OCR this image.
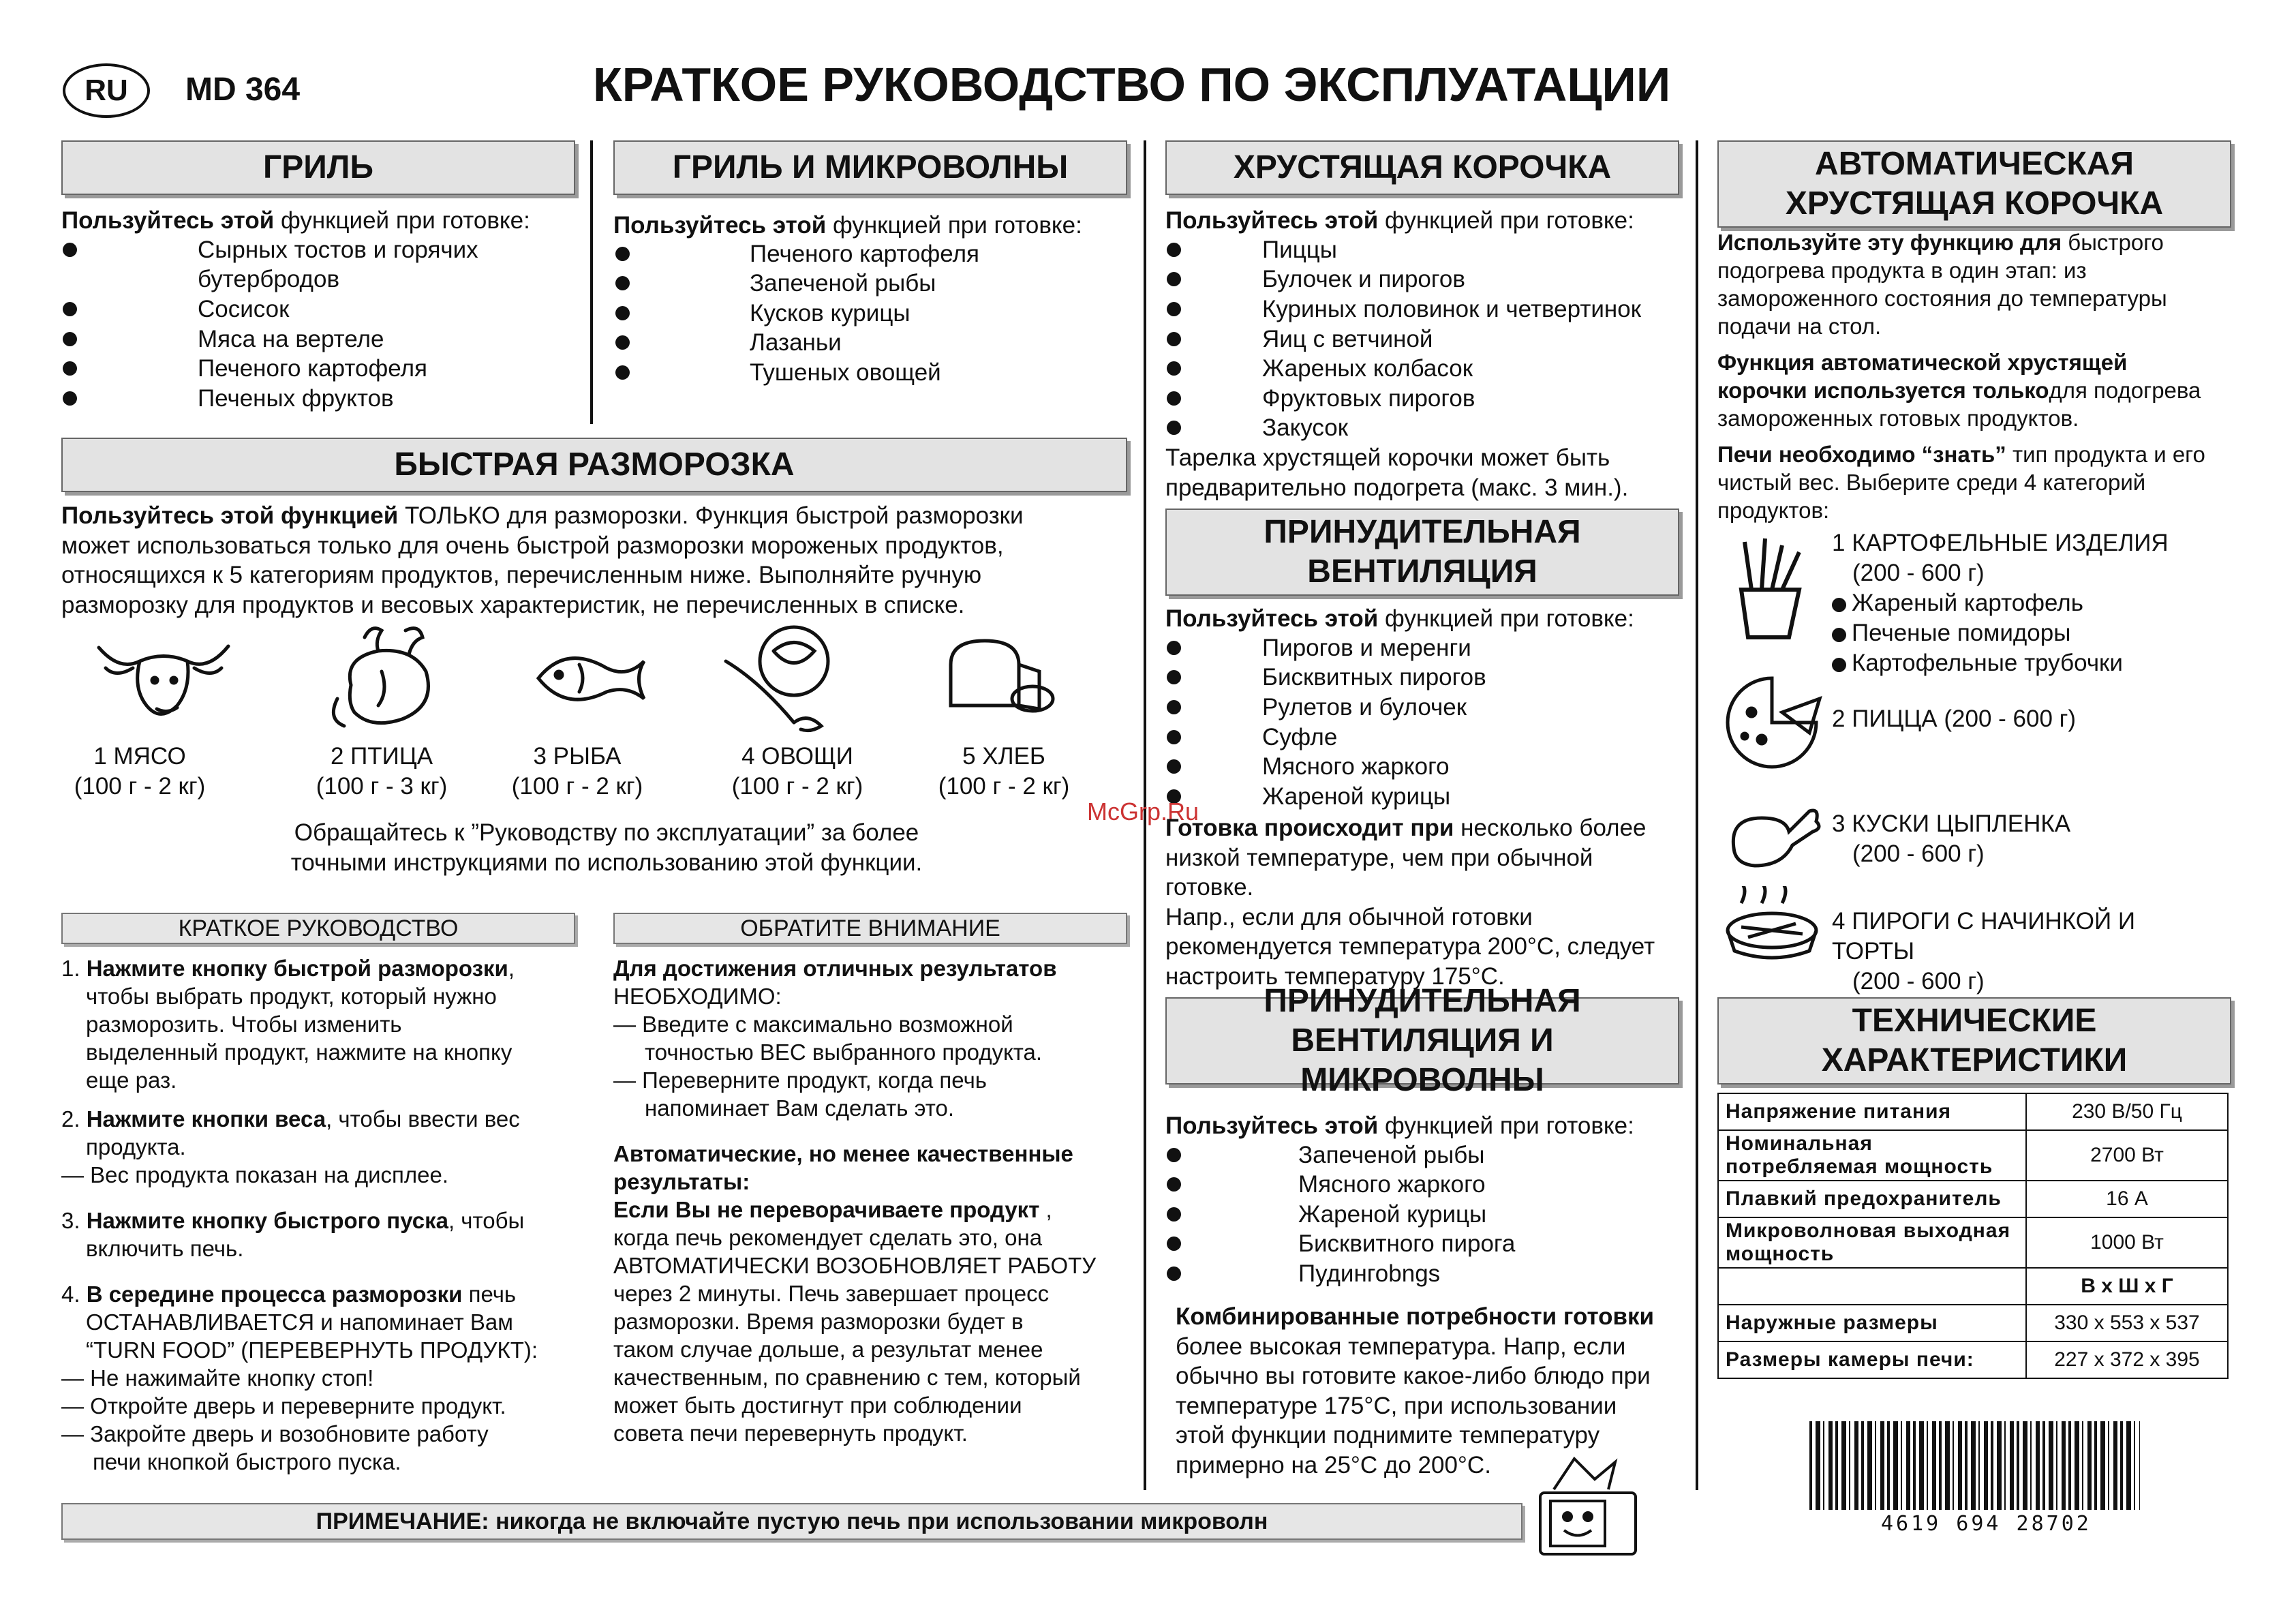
RU MD 364	КРАТКОЕ РУКОВОДСТВО ПО ЭКСПЛУАТАЦИИ
ГРИЛЬ
Пользуйтесь этой функцией при готовке:
Сырных тостов и горячих
бутербродов
Сосисок
Мяса на вертеле
Печеного картофеля
Печеных фруктов
ГРИЛЬ И МИКРОВОЛНЫ
Пользуйтесь этой функцией при готовке:
Печеного картофеля
Запеченой рыбы
Кусков курицы
Лазаньи
Тушеных овощей
БЫСТРАЯ РАЗМОРОЗКА
Пользуйтесь этой функцией ТОЛЬКО для разморозки. Функция быстрой разморозки
может использоваться только для очень быстрой разморозки мороженых продуктов,
относящихся к 5 категориям продуктов, перечисленным ниже. Выполняйте ручную
разморозку для продуктов и весовых характеристик, не перечисленных в списке.
1 МЯСО
(100 г - 2 кг)
2 ПТИЦА
(100 г - 3 кг)
3 РЫБА
(100 г - 2 кг)
4 ОВОЩИ
(100 г - 2 кг)
5 ХЛЕБ
(100 г - 2 кг)
Обращайтесь к ”Руководству по эксплуатации” за более
точными инструкциями по использованию этой функции.
КРАТКОЕ РУКОВОДСТВО
1. Нажмите кнопку быстрой разморозки,
чтобы выбрать продукт, который нужно
разморозить. Чтобы изменить
выделенный продукт, нажмите на кнопку
еще раз.
2. Нажмите кнопки веса, чтобы ввести вес
продукта.
— Вес продукта показан на дисплее.
3. Нажмите кнопку быстрого пуска, чтобы
включить печь.
4. В середине процесса разморозки печь
ОСТАНАВЛИВАЕТСЯ и напоминает Вам
“TURN FOOD” (ПЕРЕВЕРНУТЬ ПРОДУКТ):
— Не нажимайте кнопку стоп!
— Откройте дверь и переверните продукт.
— Закройте дверь и возобновите работу
печи кнопкой быстрого пуска.
ОБРАТИТЕ ВНИМАНИЕ
Для достижения отличных результатов
НЕОБХОДИМО:
— Введите с максимально возможной
точностью ВЕС выбранного продукта.
— Переверните продукт, когда печь
напоминает Вам сделать это.
Автоматические, но менее качественные
результаты:
Если Вы не переворачиваете продукт ,
когда печь рекомендует сделать это, она
АВТОМАТИЧЕСКИ ВОЗОБНОВЛЯЕТ РАБОТУ
через 2 минуты. Печь завершает процесс
разморозки. Время разморозки будет в
таком случае дольше, а результат менее
качественным, по сравнению с тем, который
может быть достигнут при соблюдении
совета печи перевернуть продукт.
ХРУСТЯЩАЯ КОРОЧКА
Пользуйтесь этой функцией при готовке:
Пиццы
Булочек и пирогов
Куриных половинок и четвертинок
Яиц с ветчиной
Жареных колбасок
Фруктовых пирогов
Закусок
Тарелка хрустящей корочки может быть
предварительно подогрета (макс. 3 мин.).
ПРИНУДИТЕЛЬНАЯ
ВЕНТИЛЯЦИЯ
Пользуйтесь этой функцией при готовке:
Пирогов и меренги
Бисквитных пирогов
Рулетов и булочек
Суфле
Мясного жаркого
Жареной курицы
McGrp.Ru
Готовка происходит при несколько более
низкой температуре, чем при обычной
готовке.
Напр., если для обычной готовки
рекомендуется температура 200°С, следует
настроить температуру 175°С.
ПРИНУДИТЕЛЬНАЯ
ВЕНТИЛЯЦИЯ И МИКРОВОЛНЫ
Пользуйтесь этой функцией при готовке:
Запеченой рыбы
Мясного жаркого
Жареной курицы
Бисквитного пирога
Пудингоbngs
Комбинированные потребности готовки
более высокая температура. Напр, если
обычно вы готовите какое-либо блюдо при
температуре 175°С, при использовании
этой функции поднимите температуру
примерно на 25°С до 200°С.
ПРИМЕЧАНИЕ: никогда не включайте пустую печь при использовании микроволн
АВТОМАТИЧЕСКАЯ
ХРУСТЯЩАЯ КОРОЧКА
Используйте эту функцию для быстрого
подогрева продукта в один этап: из
замороженного состояния до температуры
подачи на стол.
Функция автоматической хрустящей
корочки используется толькодля подогрева
замороженных готовых продуктов.
Печи необходимо “знать” тип продукта и его
чистый вес. Выберите среди 4 категорий
продуктов:
1 КАРТОФЕЛЬНЫЕ ИЗДЕЛИЯ
(200 - 600 г)
Жареный картофель
Печеные помидоры
Картофельные трубочки
2 ПИЦЦА (200 - 600 г)
3 КУСКИ ЦЫПЛЕНКА
(200 - 600 г)
4 ПИРОГИ С НАЧИНКОЙ И
ТОРТЫ
(200 - 600 г)
ТЕХНИЧЕСКИЕ
ХАРАКТЕРИСТИКИ
Напряжение питания	230 В/50 Гц
Номинальная потребляемая мощность	2700 Вт
Плавкий предохранитель	16 А
Микроволновая выходная мощность	1000 Вт
	В х Ш х Г
Наружные размеры	330 х 553 х 537
Размеры камеры печи:	227 х 372 х 395
4619 694 28702
